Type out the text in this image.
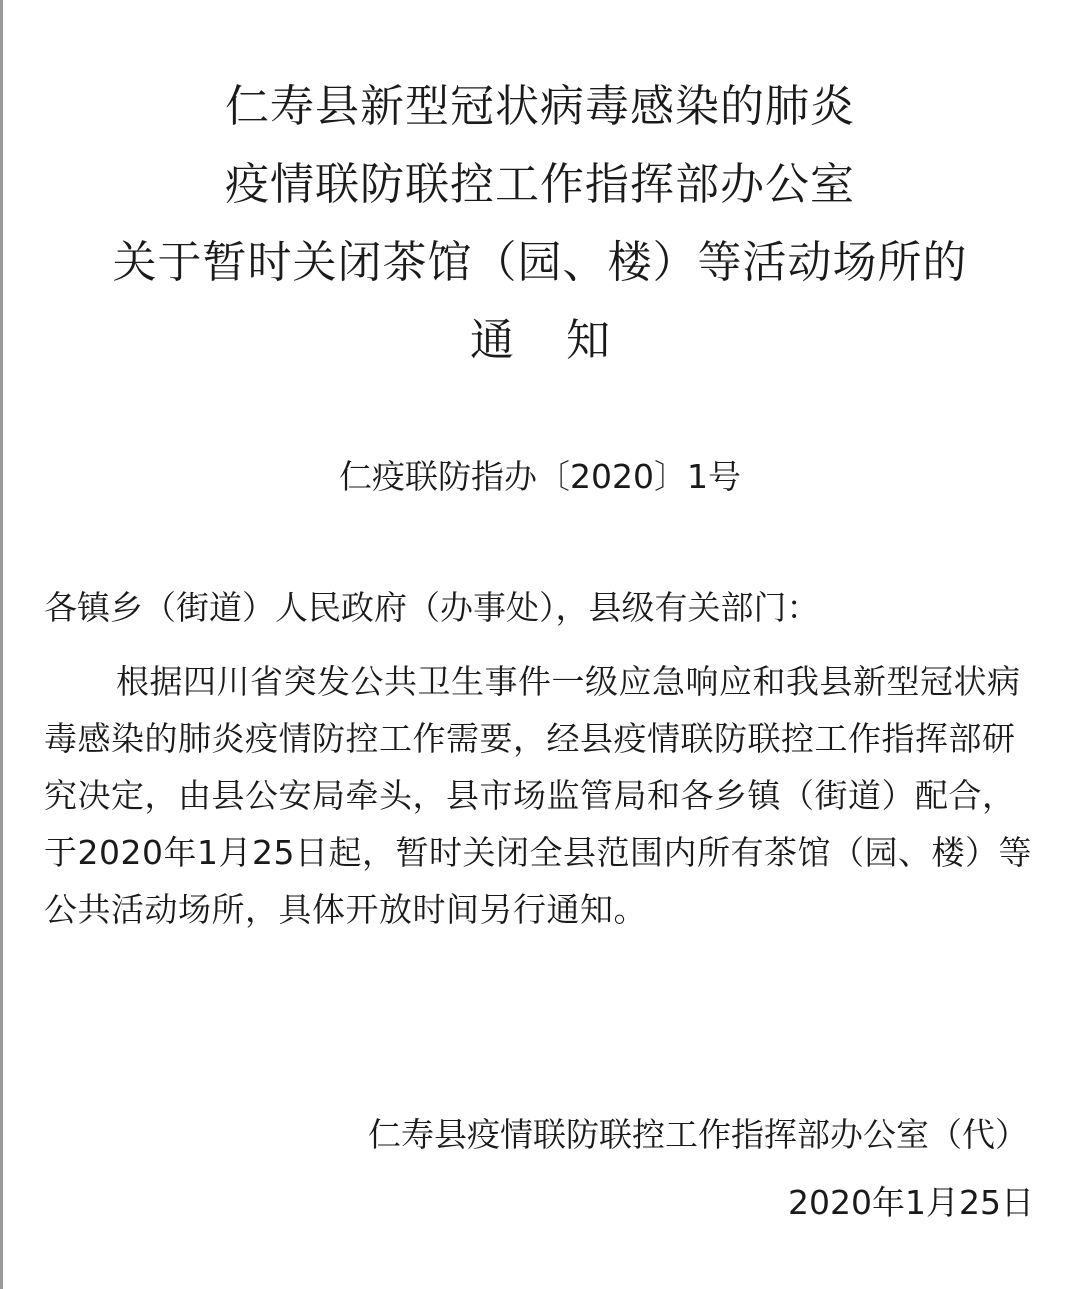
仁寿县新型冠状病毒感染的肺炎
疫情联防联控工作指挥部办公室
关于暂时关闭茶馆（园、楼）等活动场所的
通知
仁疫联防指办〔2020〕1号
各镇乡（街道）人民政府（办事处），县级有关部门：
根据四川省突发公共卫生事件一级应急响应和我县新型冠状病毒感染的肺炎疫情防控工作需要，经县疫情联防联控工作指挥部研究决定，由县公安局牵头，县市场监管局和各乡镇（街道）配合，于2020年1月25日起，暂时关闭全县范围内所有茶馆（园、楼）等公共活动场所，具体开放时间另行通知。
仁寿县疫情联防联控工作指挥部办公室（代）
2020年1月25日
